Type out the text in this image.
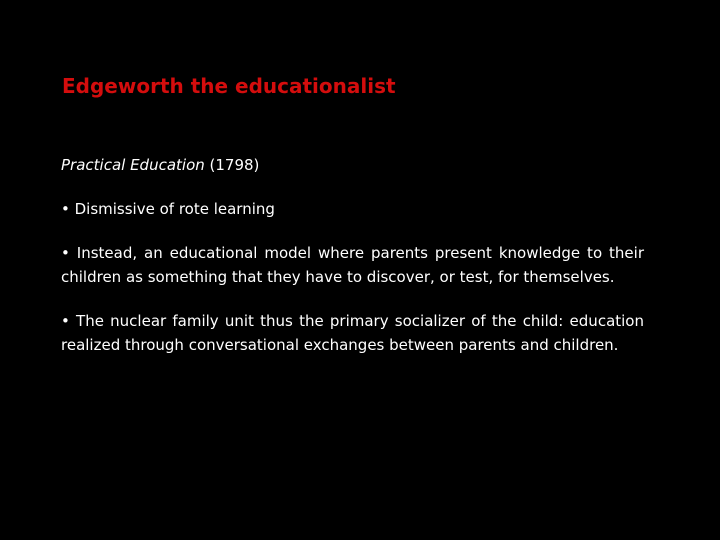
Edgeworth the educationalist

Practical Education (1798)

• Dismissive of rote learning

• Instead, an educational model where parents present knowledge to their children as something that they have to discover, or test, for themselves.

• The nuclear family unit thus the primary socializer of the child: education realized through conversational exchanges between parents and children.
